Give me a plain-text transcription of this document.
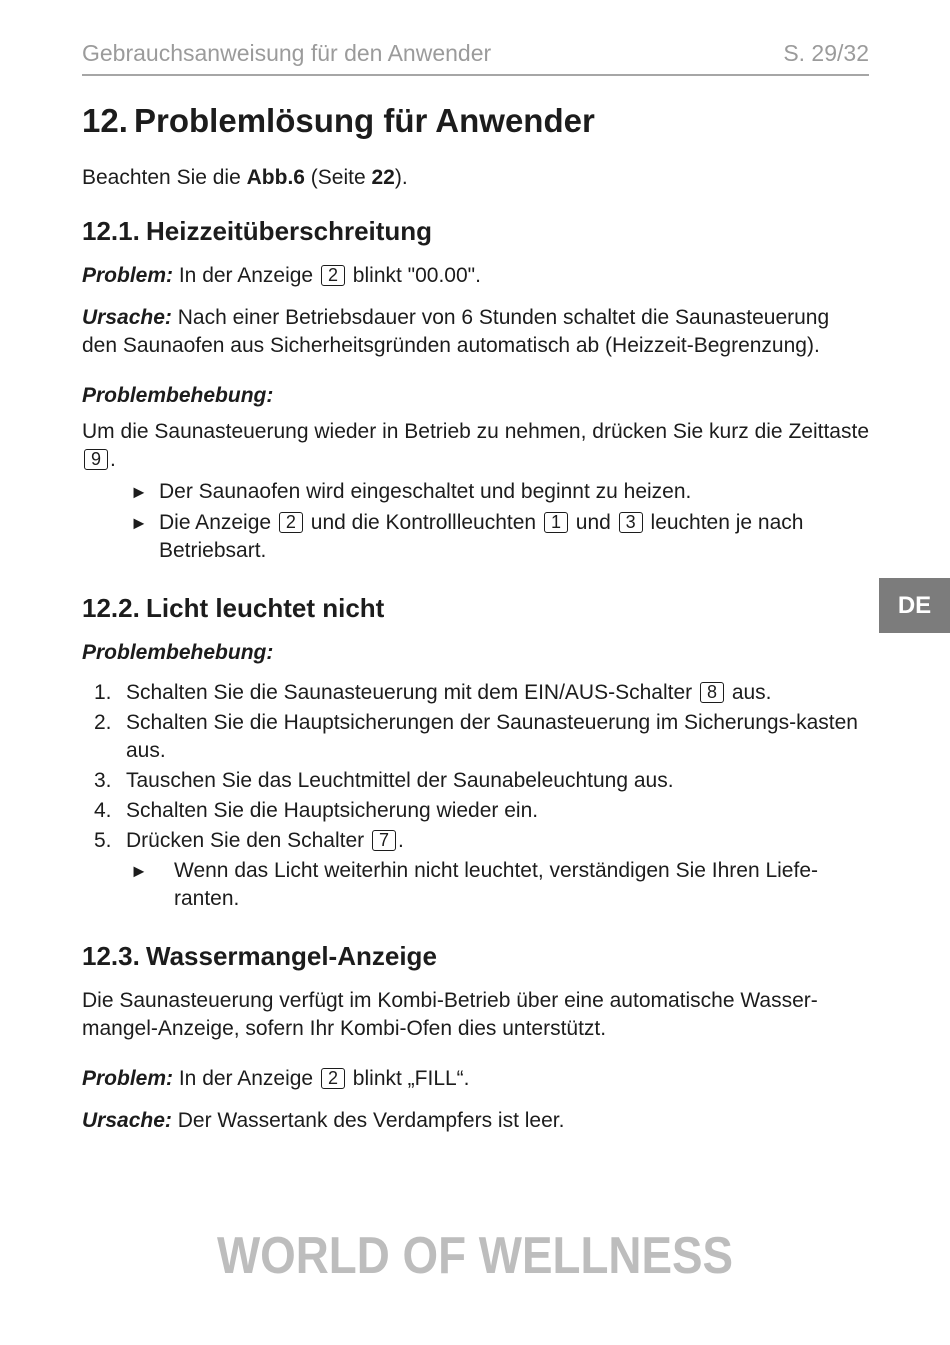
Gebrauchsanweisung für den Anwender	S. 29/32
DE
12. Problemlösung für Anwender

Beachten Sie die Abb.6 (Seite 22).

12.1. Heizzeitüberschreitung

Problem: In der Anzeige 2 blinkt "00.00".

Ursache: Nach einer Betriebsdauer von 6 Stunden schaltet die Saunasteuerung den Saunaofen aus Sicherheitsgründen automatisch ab (Heizzeit-Begrenzung).

Problembehebung:

Um die Saunasteuerung wieder in Betrieb zu nehmen, drücken Sie kurz die Zeittaste 9 .

► Der Saunaofen wird eingeschaltet und beginnt zu heizen.
► Die Anzeige 2 und die Kontrollleuchten 1 und 3 leuchten je nach Betriebsart.
12.2. Licht leuchtet nicht

Problembehebung:

1. Schalten Sie die Saunasteuerung mit dem EIN/AUS-Schalter 8 aus.
2. Schalten Sie die Hauptsicherungen der Saunasteuerung im Sicherungs-kasten aus.
3. Tauschen Sie das Leuchtmittel der Saunabeleuchtung aus.
4. Schalten Sie die Hauptsicherung wieder ein.
5. Drücken Sie den Schalter 7 .
► Wenn das Licht weiterhin nicht leuchtet, verständigen Sie Ihren Liefe-ranten.
12.3. Wassermangel-Anzeige

Die Saunasteuerung verfügt im Kombi-Betrieb über eine automatische Wasser-mangel-Anzeige, sofern Ihr Kombi-Ofen dies unterstützt.

Problem: In der Anzeige 2 blinkt „FILL“.

Ursache: Der Wassertank des Verdampfers ist leer.

WORLD OF WELLNESS
